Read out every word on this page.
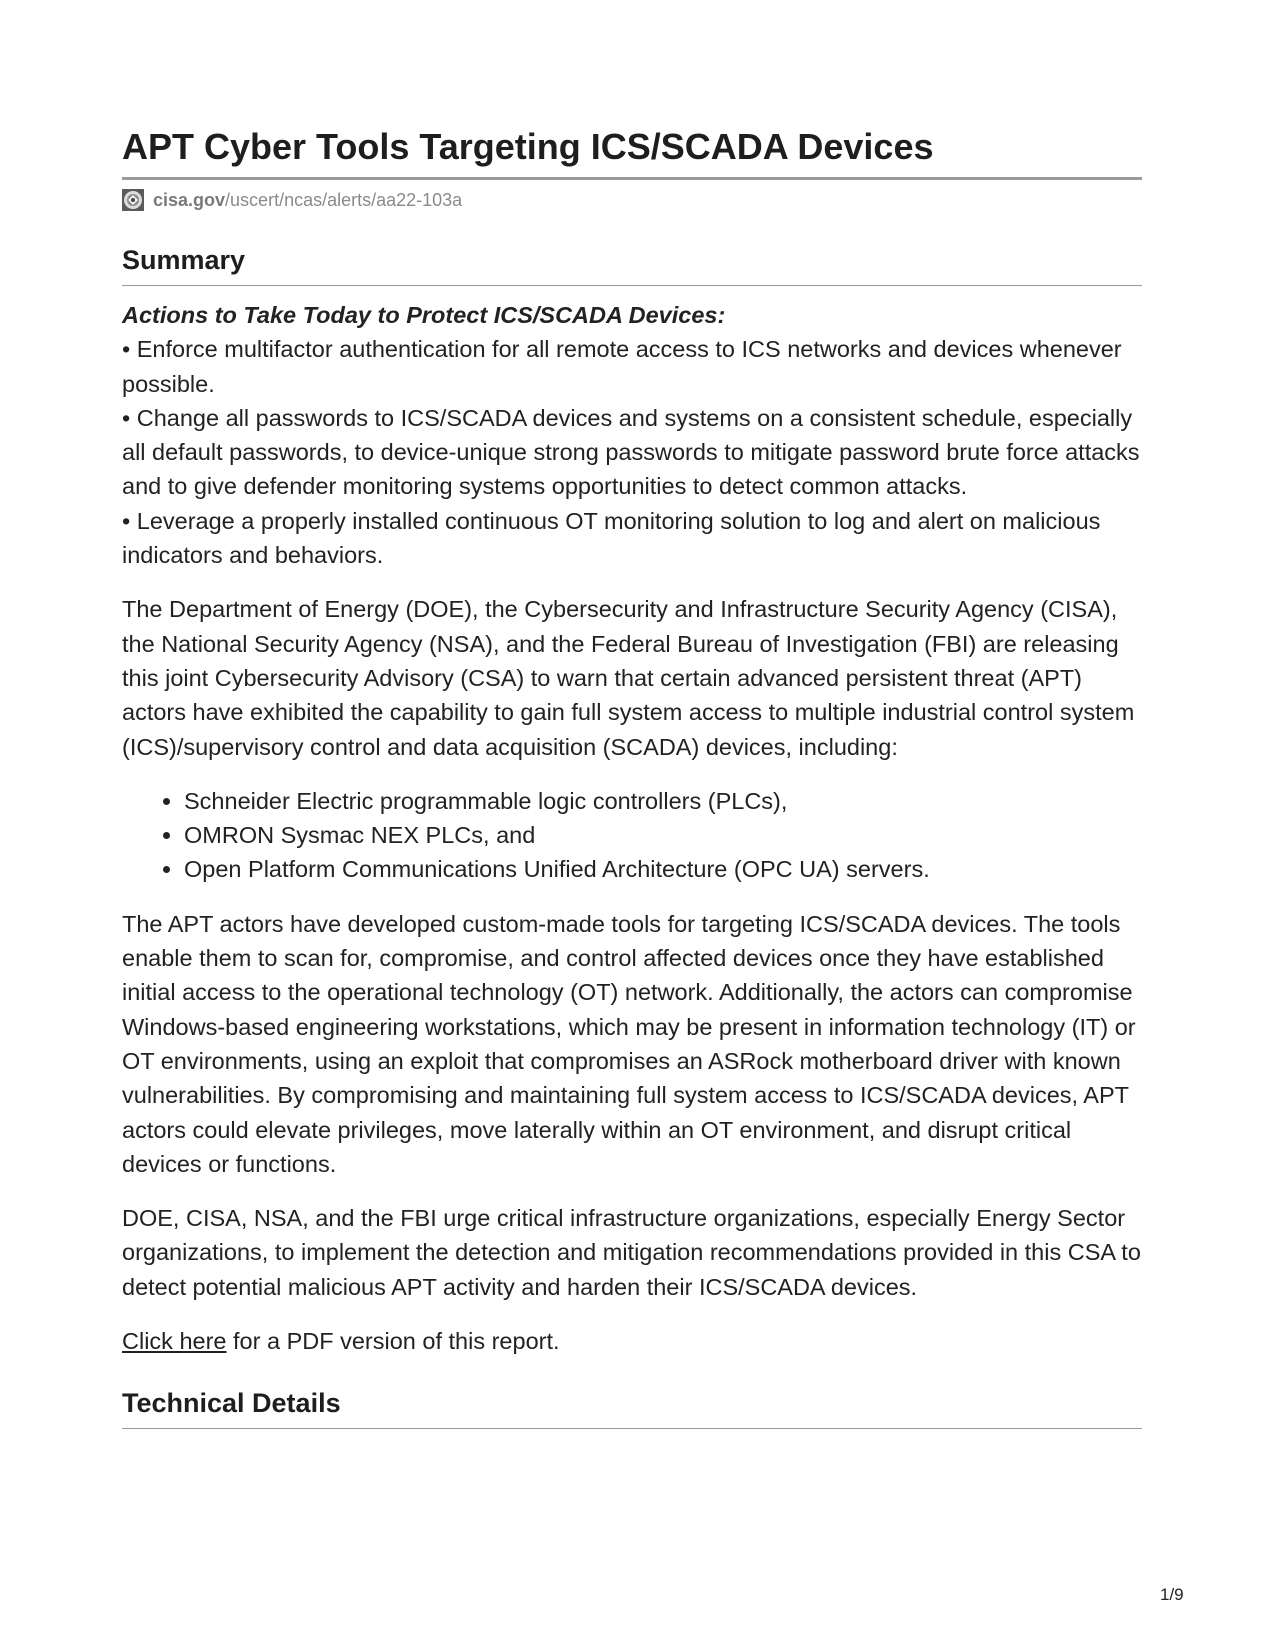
APT Cyber Tools Targeting ICS/SCADA Devices
cisa.gov /uscert/ncas/alerts/aa22-103a
Summary
Actions to Take Today to Protect ICS/SCADA Devices:
• Enforce multifactor authentication for all remote access to ICS networks and devices whenever possible.
• Change all passwords to ICS/SCADA devices and systems on a consistent schedule, especially all default passwords, to device-unique strong passwords to mitigate password brute force attacks and to give defender monitoring systems opportunities to detect common attacks.
• Leverage a properly installed continuous OT monitoring solution to log and alert on malicious indicators and behaviors.

The Department of Energy (DOE), the Cybersecurity and Infrastructure Security Agency (CISA), the National Security Agency (NSA), and the Federal Bureau of Investigation (FBI) are releasing this joint Cybersecurity Advisory (CSA) to warn that certain advanced persistent threat (APT) actors have exhibited the capability to gain full system access to multiple industrial control system (ICS)/supervisory control and data acquisition (SCADA) devices, including:

• Schneider Electric programmable logic controllers (PLCs),
• OMRON Sysmac NEX PLCs, and
• Open Platform Communications Unified Architecture (OPC UA) servers.

The APT actors have developed custom-made tools for targeting ICS/SCADA devices. The tools enable them to scan for, compromise, and control affected devices once they have established initial access to the operational technology (OT) network. Additionally, the actors can compromise Windows-based engineering workstations, which may be present in information technology (IT) or OT environments, using an exploit that compromises an ASRock motherboard driver with known vulnerabilities. By compromising and maintaining full system access to ICS/SCADA devices, APT actors could elevate privileges, move laterally within an OT environment, and disrupt critical devices or functions.

DOE, CISA, NSA, and the FBI urge critical infrastructure organizations, especially Energy Sector organizations, to implement the detection and mitigation recommendations provided in this CSA to detect potential malicious APT activity and harden their ICS/SCADA devices.

Click here for a PDF version of this report.

Technical Details
1/9
